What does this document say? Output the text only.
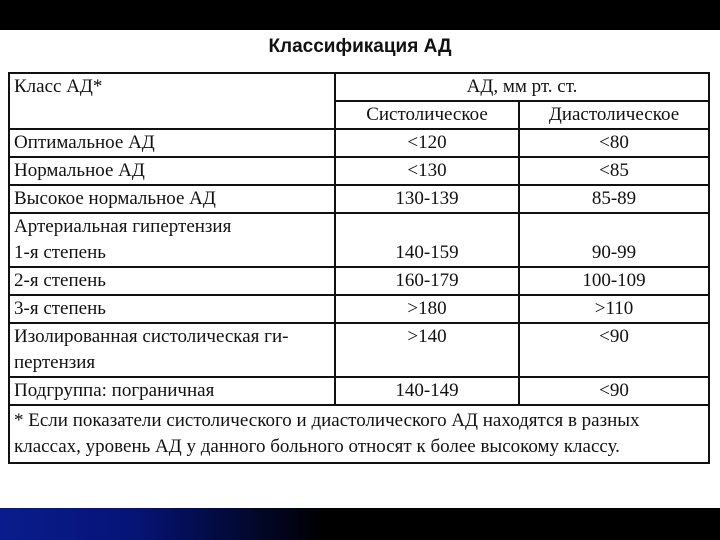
Классификация АД
Класс АД*	АД, мм рт. ст.	
	Систолическое	Диастолическое
Оптимальное АД	<120	<80
Нормальное АД	<130	<85
Высокое нормальное АД	130-139	85-89

Артериальная гипертензия
1-я степень	140-159	90-99
2-я степень	160-179	100-109
3-я степень	>180	>110

Изолированная систолическая ги-
пертензия	>140	<90
Подгруппа: пограничная	140-149	<90
* Если показатели систолического и диастолического АД находятся в разных классах, уровень АД у данного больного относят к более высокому классу.		
